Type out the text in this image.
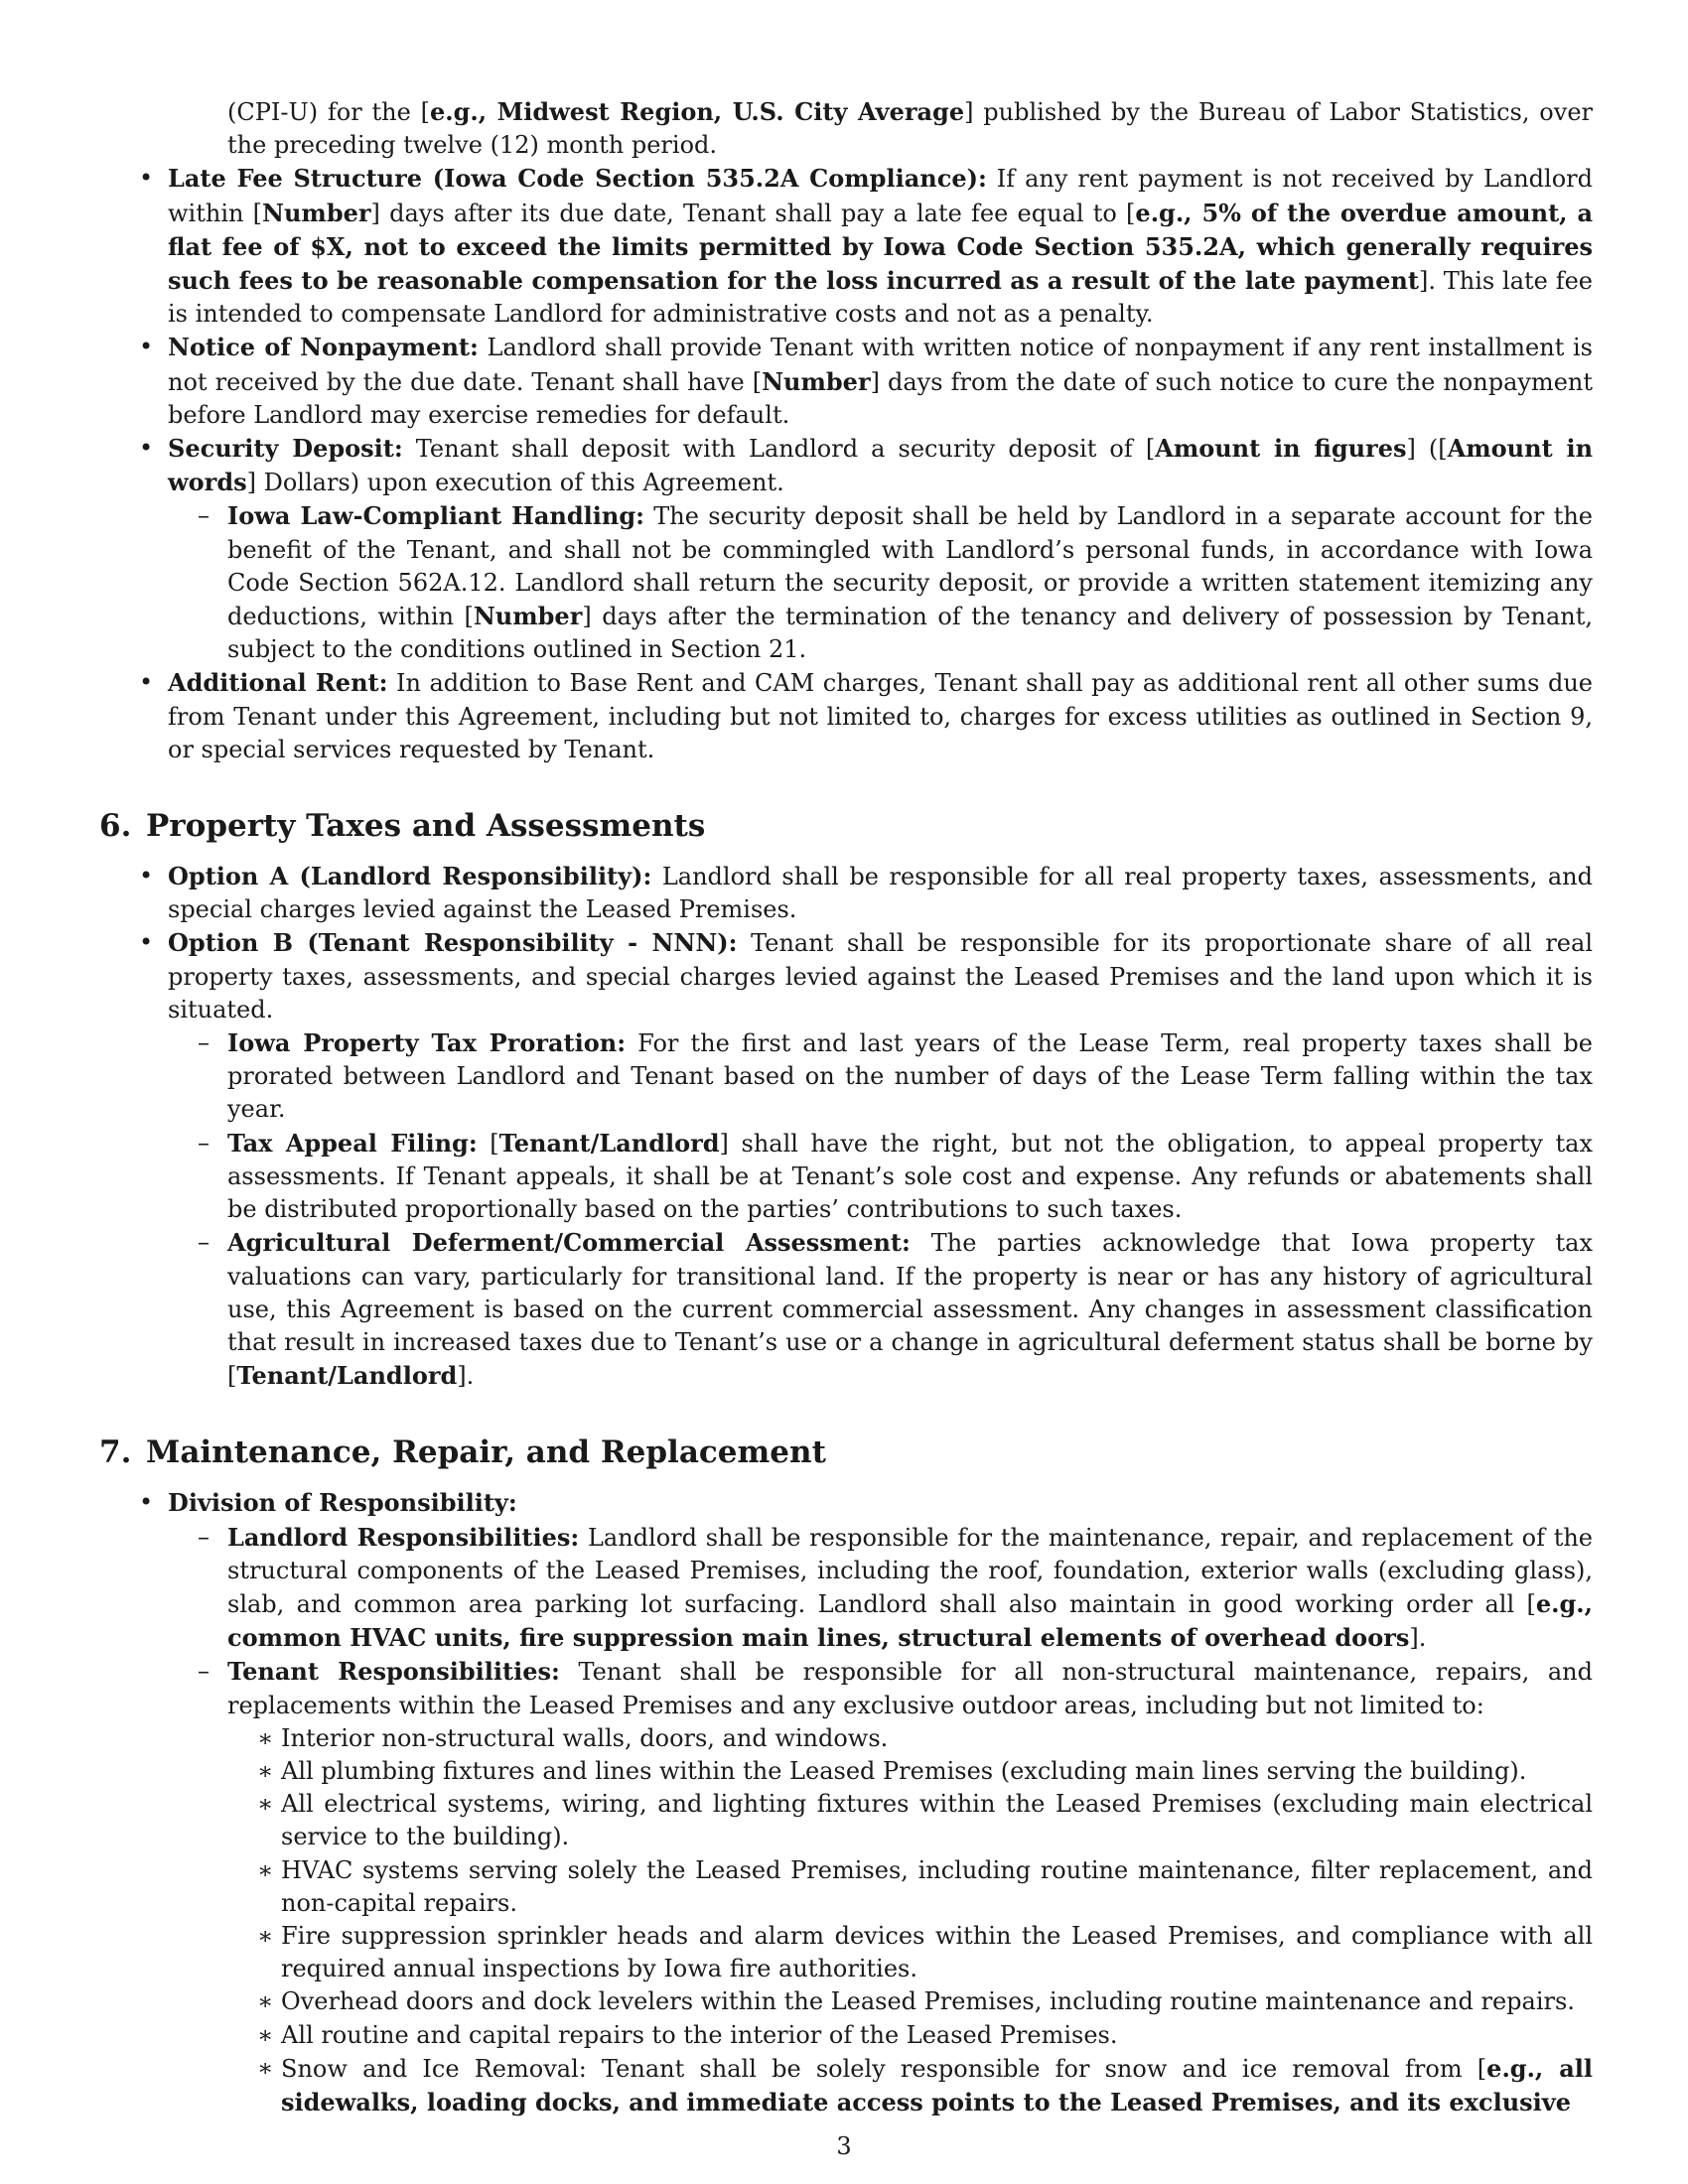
(CPI-U) for the [e.g., Midwest Region, U.S. City Average] published by the Bureau of Labor Statistics, over the preceding twelve (12) month period.

• Late Fee Structure (Iowa Code Section 535.2A Compliance): If any rent payment is not received by Landlord within [Number] days after its due date, Tenant shall pay a late fee equal to [e.g., 5% of the overdue amount, a flat fee of $X, not to exceed the limits permitted by Iowa Code Section 535.2A, which generally requires such fees to be reasonable compensation for the loss incurred as a result of the late payment]. This late fee is intended to compensate Landlord for administrative costs and not as a penalty.
• Notice of Nonpayment: Landlord shall provide Tenant with written notice of nonpayment if any rent installment is not received by the due date. Tenant shall have [Number] days from the date of such notice to cure the nonpayment before Landlord may exercise remedies for default.
• Security Deposit: Tenant shall deposit with Landlord a security deposit of [Amount in figures] ([Amount in words] Dollars) upon execution of this Agreement.
– Iowa Law-Compliant Handling: The security deposit shall be held by Landlord in a separate account for the benefit of the Tenant, and shall not be commingled with Landlord’s personal funds, in accordance with Iowa Code Section 562A.12. Landlord shall return the security deposit, or provide a written statement itemizing any deductions, within [Number] days after the termination of the tenancy and delivery of possession by Tenant, subject to the conditions outlined in Section 21.
• Additional Rent: In addition to Base Rent and CAM charges, Tenant shall pay as additional rent all other sums due from Tenant under this Agreement, including but not limited to, charges for excess utilities as outlined in Section 9, or special services requested by Tenant.
6. Property Taxes and Assessments
• Option A (Landlord Responsibility): Landlord shall be responsible for all real property taxes, assessments, and special charges levied against the Leased Premises.
• Option B (Tenant Responsibility - NNN): Tenant shall be responsible for its proportionate share of all real property taxes, assessments, and special charges levied against the Leased Premises and the land upon which it is situated.
– Iowa Property Tax Proration: For the first and last years of the Lease Term, real property taxes shall be prorated between Landlord and Tenant based on the number of days of the Lease Term falling within the tax year.
– Tax Appeal Filing: [Tenant/Landlord] shall have the right, but not the obligation, to appeal property tax assessments. If Tenant appeals, it shall be at Tenant’s sole cost and expense. Any refunds or abatements shall be distributed proportionally based on the parties’ contributions to such taxes.
– Agricultural Deferment/Commercial Assessment: The parties acknowledge that Iowa property tax valuations can vary, particularly for transitional land. If the property is near or has any history of agricultural use, this Agreement is based on the current commercial assessment. Any changes in assessment classification that result in increased taxes due to Tenant’s use or a change in agricultural deferment status shall be borne by [Tenant/Landlord].
7. Maintenance, Repair, and Replacement
• Division of Responsibility:
– Landlord Responsibilities: Landlord shall be responsible for the maintenance, repair, and replacement of the structural components of the Leased Premises, including the roof, foundation, exterior walls (excluding glass), slab, and common area parking lot surfacing. Landlord shall also maintain in good working order all [e.g., common HVAC units, fire suppression main lines, structural elements of overhead doors].
– Tenant Responsibilities: Tenant shall be responsible for all non-structural maintenance, repairs, and replacements within the Leased Premises and any exclusive outdoor areas, including but not limited to:
∗ Interior non-structural walls, doors, and windows.
∗ All plumbing fixtures and lines within the Leased Premises (excluding main lines serving the building).
∗ All electrical systems, wiring, and lighting fixtures within the Leased Premises (excluding main electrical service to the building).
∗ HVAC systems serving solely the Leased Premises, including routine maintenance, filter replacement, and non-capital repairs.
∗ Fire suppression sprinkler heads and alarm devices within the Leased Premises, and compliance with all required annual inspections by Iowa fire authorities.
∗ Overhead doors and dock levelers within the Leased Premises, including routine maintenance and repairs.
∗ All routine and capital repairs to the interior of the Leased Premises.
∗ Snow and Ice Removal: Tenant shall be solely responsible for snow and ice removal from [e.g., all sidewalks, loading docks, and immediate access points to the Leased Premises, and its exclusive
3
